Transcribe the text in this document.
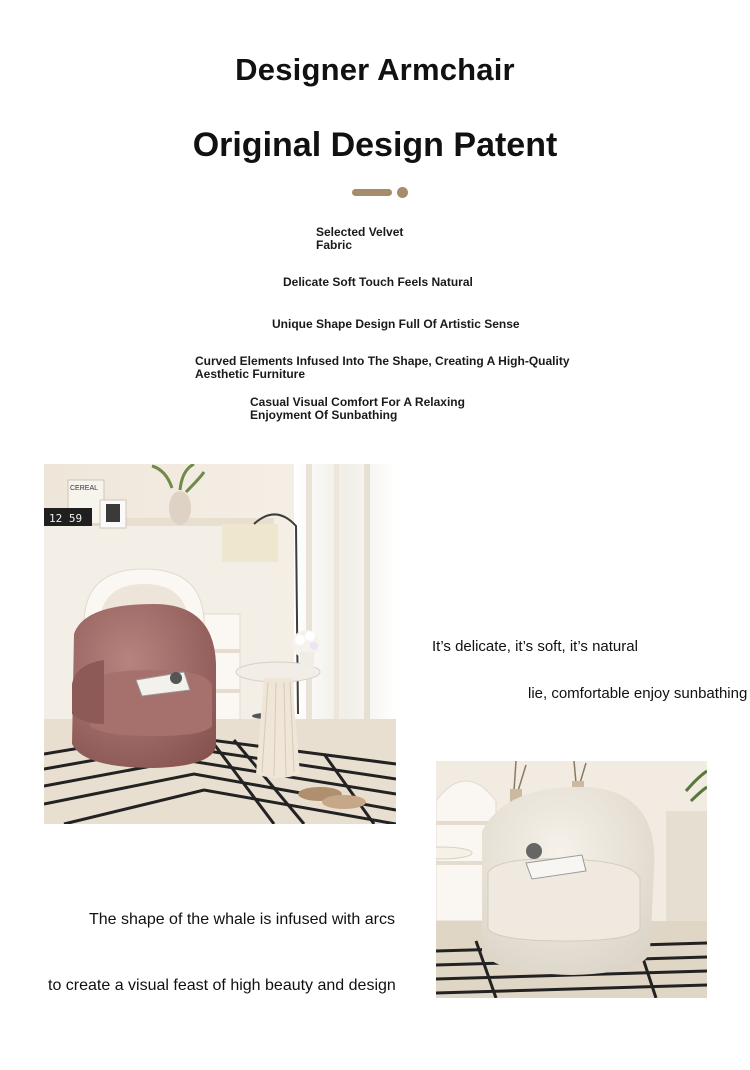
Designer Armchair
Original Design Patent
Selected Velvet
Fabric
Delicate Soft Touch Feels Natural
Unique Shape Design Full Of Artistic Sense
Curved Elements Infused Into The Shape, Creating A High-Quality
Aesthetic Furniture
Casual Visual Comfort For A Relaxing
Enjoyment Of Sunbathing
CEREAL
12 59
It’s delicate, it’s soft, it’s natural
lie, comfortable enjoy sunbathing
The shape of the whale is infused with arcs
to create a visual feast of high beauty and design
